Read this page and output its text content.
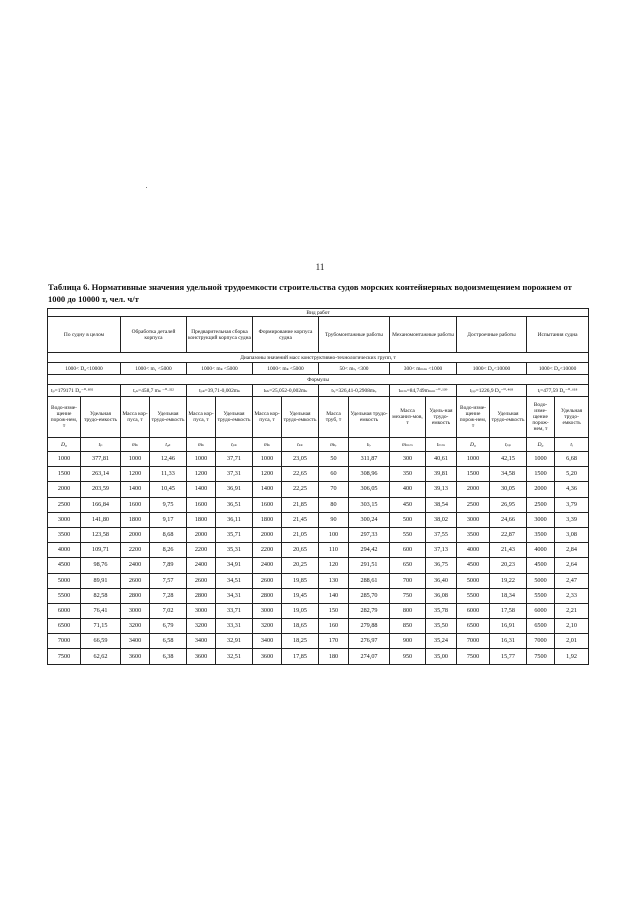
11
Таблица 6. Нормативные значения удельной трудоемкости строительства судов морских контейнерных водоизмещением порожнем от 1000 до 10000 т, чел. ч/т
Вид работ															
По судну в целом		Обработка деталей корпуса		Предварительная сборка конструкций корпуса судна		Формирование корпуса судна		Трубомонтажные работы		Механомонтажные работы		Достроечные работы		Испытания судна	
Диапазоны значений масс конструктивно-технологических групп, т															
1000< D₀<10000		1000< m₁ <5000		1000< mₖ <5000		1000< mₖ <5000		50< mₜᵣ <300		300< mₘₘ <1000		1000< D₀<10000		1000< D₀<10000	
Формулы															
tₚ=179171 D₀⁻⁰·⁸⁹²		tₒₖ=458,7 mₖ ⁻⁰·³²²		tₚₖ=39,71-0,002mₖ		tₖₖ=25,052-0,002mₖ		tₜᵣ=326,41-0,2908mₜᵣ		tₘₘ=84,749mₘₘ⁻⁰·¹³⁹		tₚₚ=1226,9 D₀⁻⁰·⁴⁶⁸		tᵢ=477,59 D₀⁻⁰·⁶¹⁸	
Водо-изме-щение порож-нем, т	Удельная трудо-емкость	Масса кор-пуса, т	Удельная трудо-емкость	Масса кор-пуса, т	Удельная трудо-емкость	Масса кор-пуса, т	Удельная трудо-емкость	Масса труб, т	Удельная трудо-емкость	Масса механиз-мов, т	Удель-ная трудо-емкость	Водо-изме-щение порож-нем, т	Удельная трудо-емкость	Водо-изме-щение порож-нем, т	Удельная трудо-емкость
D₀	tₚ	mₖ	tₒₖ	mₖ	tₚₖ	mₖ	tₖₖ	mₜᵣ	tₜᵣ	mₘₘ	tₘₘ	D₀	tₚₚ	D₀	tᵢ
1000	377,81	1000	12,46	1000	37,71	1000	23,05	50	311,87	300	40,61	1000	42,15	1000	6,68
1500	263,14	1200	11,33	1200	37,31	1200	22,65	60	308,96	350	39,81	1500	34,58	1500	5,20
2000	203,59	1400	10,45	1400	36,91	1400	22,25	70	306,05	400	39,13	2000	30,05	2000	4,36
2500	166,84	1600	9,75	1600	36,51	1600	21,85	80	303,15	450	38,54	2500	26,95	2500	3,79
3000	141,80	1800	9,17	1800	36,11	1800	21,45	90	300,24	500	38,02	3000	24,66	3000	3,39
3500	123,58	2000	8,68	2000	35,71	2000	21,05	100	297,33	550	37,55	3500	22,87	3500	3,08
4000	109,71	2200	8,26	2200	35,31	2200	20,65	110	294,42	600	37,13	4000	21,43	4000	2,84
4500	98,76	2400	7,89	2400	34,91	2400	20,25	120	291,51	650	36,75	4500	20,23	4500	2,64
5000	89,91	2600	7,57	2600	34,51	2600	19,85	130	288,61	700	36,40	5000	19,22	5000	2,47
5500	82,58	2800	7,28	2800	34,31	2800	19,45	140	285,70	750	36,08	5500	18,34	5500	2,33
6000	76,41	3000	7,02	3000	33,71	3000	19,05	150	282,79	800	35,78	6000	17,58	6000	2,21
6500	71,15	3200	6,79	3200	33,31	3200	18,65	160	279,88	850	35,50	6500	16,91	6500	2,10
7000	66,59	3400	6,58	3400	32,91	3400	18,25	170	276,97	900	35,24	7000	16,31	7000	2,01
7500	62,62	3600	6,38	3600	32,51	3600	17,85	180	274,07	950	35,00	7500	15,77	7500	1,92
